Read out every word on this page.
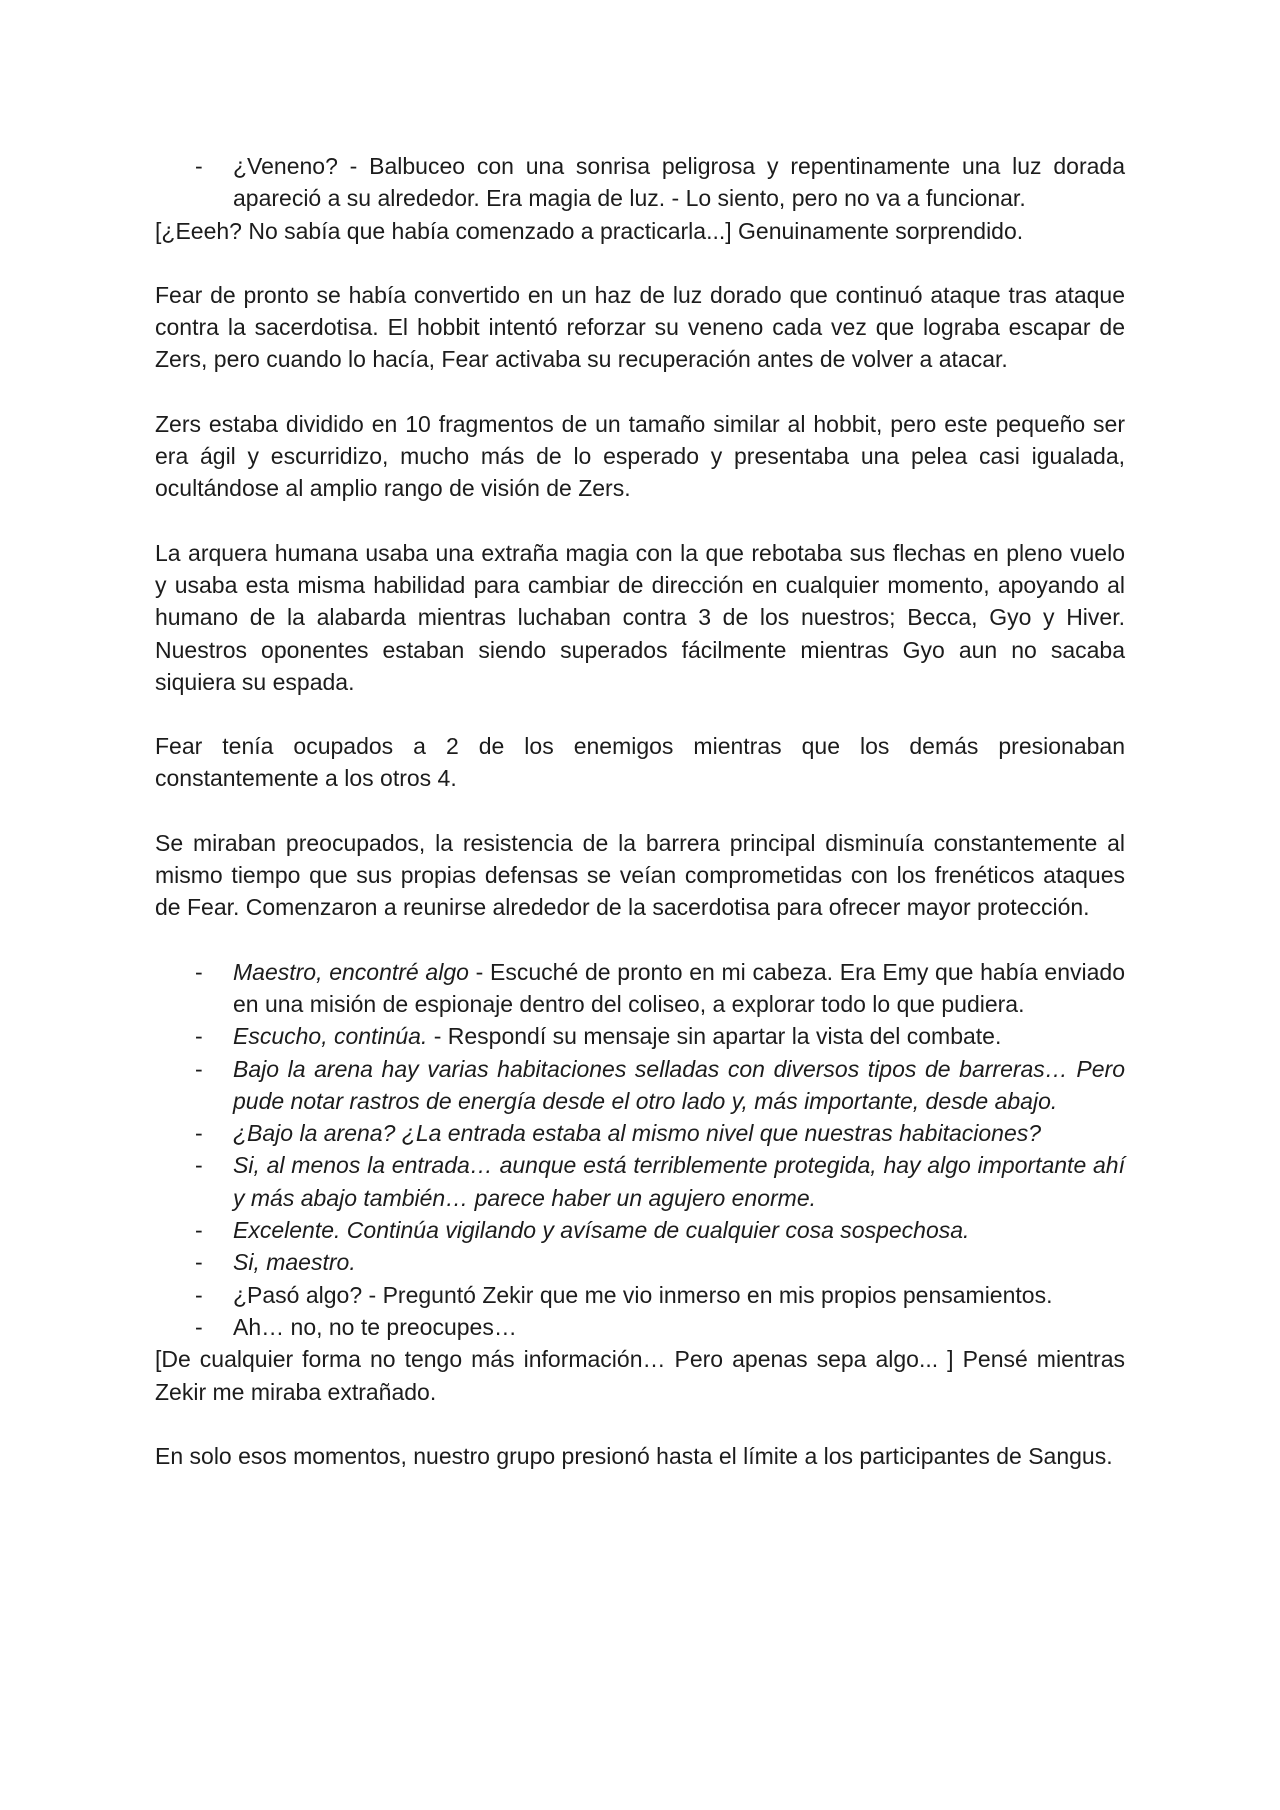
- ¿Veneno? - Balbuceo con una sonrisa peligrosa y repentinamente una luz dorada apareció a su alrededor. Era magia de luz. - Lo siento, pero no va a funcionar.

[¿Eeeh? No sabía que había comenzado a practicarla...] Genuinamente sorprendido.

Fear de pronto se había convertido en un haz de luz dorado que continuó ataque tras ataque contra la sacerdotisa. El hobbit intentó reforzar su veneno cada vez que lograba escapar de Zers, pero cuando lo hacía, Fear activaba su recuperación antes de volver a atacar.

Zers estaba dividido en 10 fragmentos de un tamaño similar al hobbit, pero este pequeño ser era ágil y escurridizo, mucho más de lo esperado y presentaba una pelea casi igualada, ocultándose al amplio rango de visión de Zers.

La arquera humana usaba una extraña magia con la que rebotaba sus flechas en pleno vuelo y usaba esta misma habilidad para cambiar de dirección en cualquier momento, apoyando al humano de la alabarda mientras luchaban contra 3 de los nuestros; Becca, Gyo y Hiver. Nuestros oponentes estaban siendo superados fácilmente mientras Gyo aun no sacaba siquiera su espada.

Fear tenía ocupados a 2 de los enemigos mientras que los demás presionaban constantemente a los otros 4.

Se miraban preocupados, la resistencia de la barrera principal disminuía constantemente al mismo tiempo que sus propias defensas se veían comprometidas con los frenéticos ataques de Fear. Comenzaron a reunirse alrededor de la sacerdotisa para ofrecer mayor protección.

- Maestro, encontré algo - Escuché de pronto en mi cabeza. Era Emy que había enviado en una misión de espionaje dentro del coliseo, a explorar todo lo que pudiera.
- Escucho, continúa. - Respondí su mensaje sin apartar la vista del combate.
- Bajo la arena hay varias habitaciones selladas con diversos tipos de barreras… Pero pude notar rastros de energía desde el otro lado y, más importante, desde abajo.
- ¿Bajo la arena? ¿La entrada estaba al mismo nivel que nuestras habitaciones?
- Si, al menos la entrada… aunque está terriblemente protegida, hay algo importante ahí y más abajo también… parece haber un agujero enorme.
- Excelente. Continúa vigilando y avísame de cualquier cosa sospechosa.
- Si, maestro.
- ¿Pasó algo? - Preguntó Zekir que me vio inmerso en mis propios pensamientos.
- Ah… no, no te preocupes…

[De cualquier forma no tengo más información… Pero apenas sepa algo... ] Pensé mientras Zekir me miraba extrañado.

En solo esos momentos, nuestro grupo presionó hasta el límite a los participantes de Sangus.
